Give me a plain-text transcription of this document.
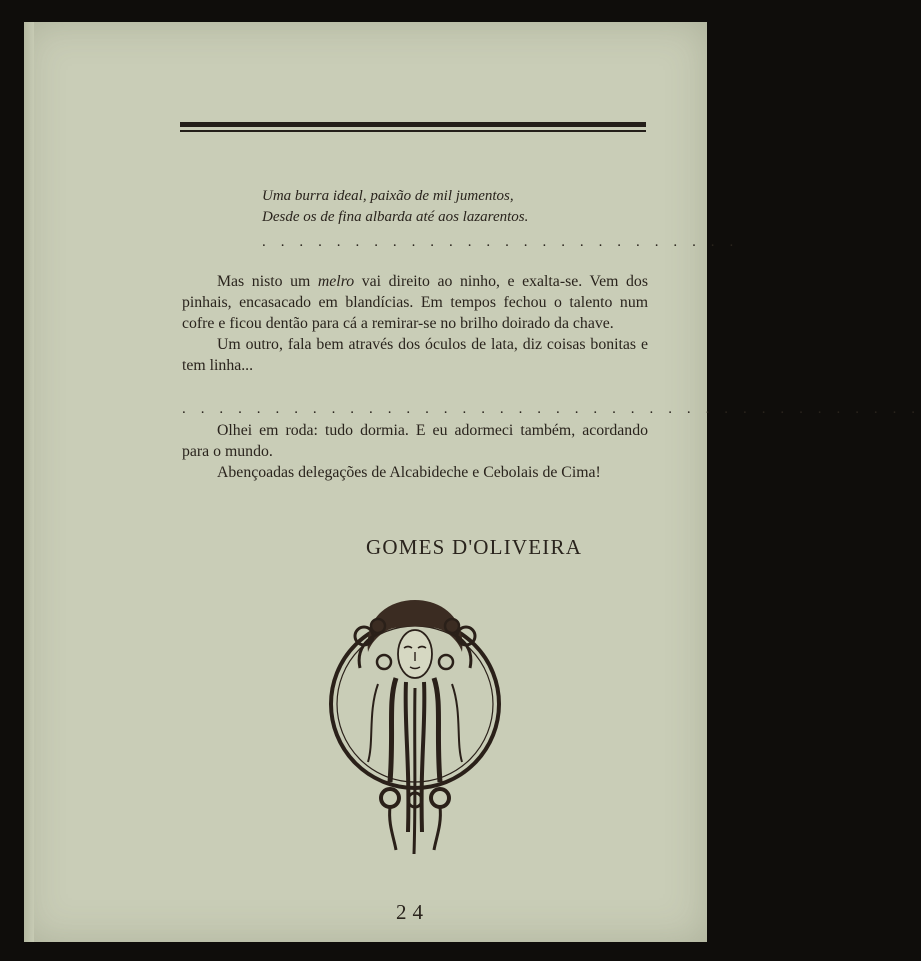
Uma burra ideal, paixão de mil jumentos,
Desde os de fina albarda até aos lazarentos.
. . . . . . . . . . . . . . . . . . . . . . . . . .

Mas nisto um melro vai direito ao ninho, e exalta-se. Vem dos pinhais, encasacado em blandícias. Em tempos fechou o talento num cofre e ficou dentão para cá a remirar-se no brilho doirado da chave.

Um outro, fala bem através dos óculos de lata, diz coisas bonitas e tem linha...

. . . . . . . . . . . . . . . . . . . . . . . . . . . . . . . . . . . . . . . .

Olhei em roda: tudo dormia. E eu adormeci também, acordando para o mundo.

Abençoadas delegações de Alcabideche e Cebolais de Cima!

GOMES D'OLIVEIRA
24
